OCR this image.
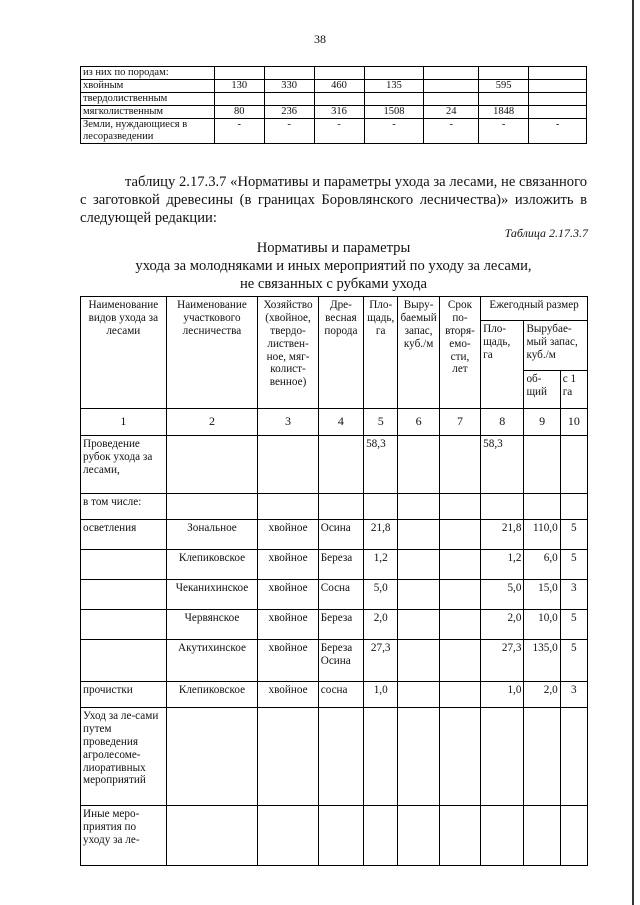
38
из них по породам:							
хвойным	130	330	460	135		595	
твердолиственным							
мягколиственным	80	236	316	1508	24	1848	
Земли, нуждающиеся в лесоразведении	-	-	-	-	-	-	-
таблицу 2.17.3.7 «Нормативы и параметры ухода за лесами, не связанного с заготовкой древесины (в границах Боровлянского лесничества)» изложить в следующей редакции:
Таблица 2.17.3.7
Нормативы и параметры
ухода за молодняками и иных мероприятий по уходу за лесами,
не связанных с рубками ухода
Наименование видов ухода за лесами	Наименование участкового лесничества	Хозяйство (хвойное, твердо-листвен-ное, мяг-колист-венное)	Дре-весная порода	Пло-щадь, га	Выру-баемый запас, куб./м	Срок по-вторя-емо-сти, лет	Ежегодный размер		
							Пло-щадь, га	Вырубае-мый запас, куб./м	
								об-щий	с 1 га
1	2	3	4	5	6	7	8	9	10
Проведение рубок ухода за лесами,				58,3			58,3		
в том числе:									
осветления	Зональное	хвойное	Осина	21,8			21,8	110,0	5
	Клепиковское	хвойное	Береза	1,2			1,2	6,0	5
	Чеканихинское	хвойное	Сосна	5,0			5,0	15,0	3
	Червянское	хвойное	Береза	2,0			2,0	10,0	5
	Акутихинское	хвойное	Береза Осина	27,3			27,3	135,0	5
прочистки	Клепиковское	хвойное	сосна	1,0			1,0	2,0	3
Уход за ле-сами путем проведения агролесоме-лиоративных мероприятий									
Иные меро-приятия по уходу за ле-									
